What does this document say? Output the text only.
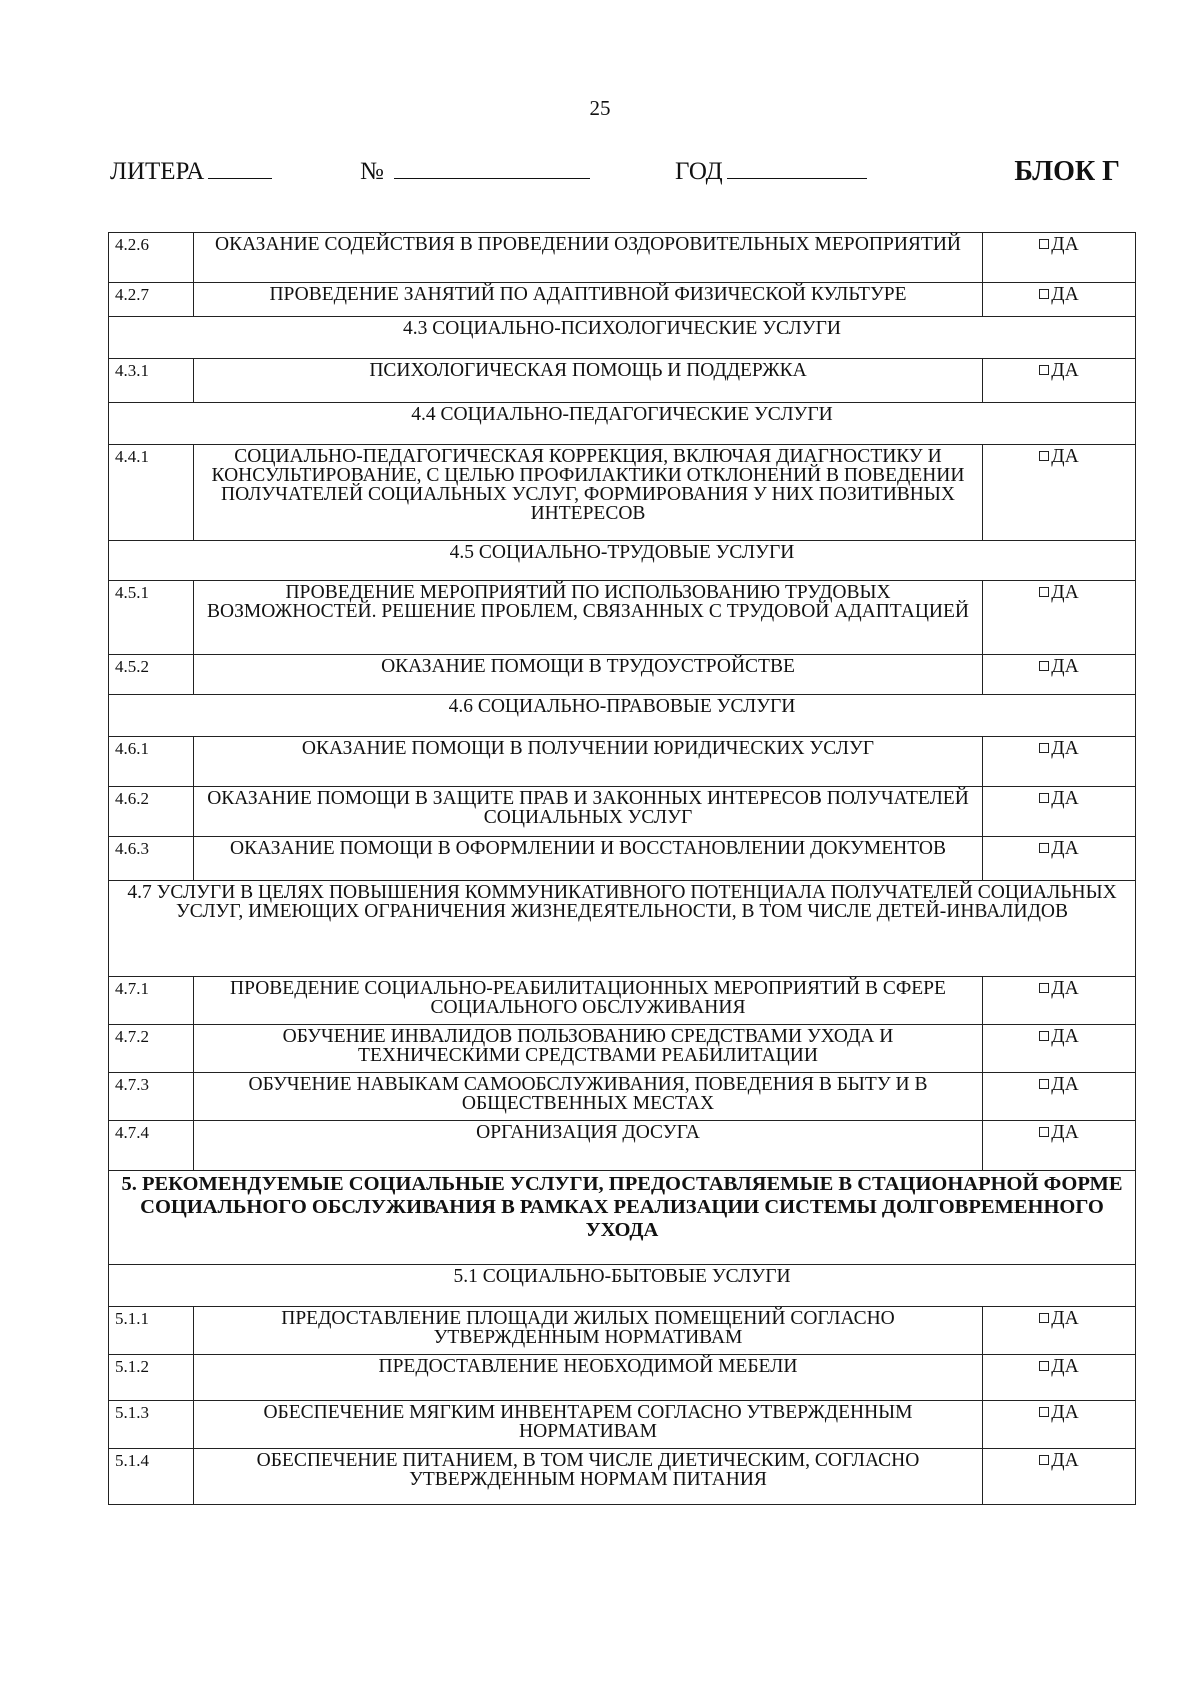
25
ЛИТЕРА	№	ГОД	БЛОК Г
4.2.6	ОКАЗАНИЕ СОДЕЙСТВИЯ В ПРОВЕДЕНИИ ОЗДОРОВИТЕЛЬНЫХ МЕРОПРИЯТИЙ	ДА
4.2.7	ПРОВЕДЕНИЕ ЗАНЯТИЙ ПО АДАПТИВНОЙ ФИЗИЧЕСКОЙ КУЛЬТУРЕ	ДА
4.3 СОЦИАЛЬНО-ПСИХОЛОГИЧЕСКИЕ УСЛУГИ		
4.3.1	ПСИХОЛОГИЧЕСКАЯ ПОМОЩЬ И ПОДДЕРЖКА	ДА
4.4 СОЦИАЛЬНО-ПЕДАГОГИЧЕСКИЕ УСЛУГИ		
4.4.1	СОЦИАЛЬНО-ПЕДАГОГИЧЕСКАЯ КОРРЕКЦИЯ, ВКЛЮЧАЯ ДИАГНОСТИКУ И КОНСУЛЬТИРОВАНИЕ, С ЦЕЛЬЮ ПРОФИЛАКТИКИ ОТКЛОНЕНИЙ В ПОВЕДЕНИИ ПОЛУЧАТЕЛЕЙ СОЦИАЛЬНЫХ УСЛУГ, ФОРМИРОВАНИЯ У НИХ ПОЗИТИВНЫХ ИНТЕРЕСОВ	ДА
4.5 СОЦИАЛЬНО-ТРУДОВЫЕ УСЛУГИ		
4.5.1	ПРОВЕДЕНИЕ МЕРОПРИЯТИЙ ПО ИСПОЛЬЗОВАНИЮ ТРУДОВЫХ ВОЗМОЖНОСТЕЙ. РЕШЕНИЕ ПРОБЛЕМ, СВЯЗАННЫХ С ТРУДОВОЙ АДАПТАЦИЕЙ	ДА
4.5.2	ОКАЗАНИЕ ПОМОЩИ В ТРУДОУСТРОЙСТВЕ	ДА
4.6 СОЦИАЛЬНО-ПРАВОВЫЕ УСЛУГИ		
4.6.1	ОКАЗАНИЕ ПОМОЩИ В ПОЛУЧЕНИИ ЮРИДИЧЕСКИХ УСЛУГ	ДА
4.6.2	ОКАЗАНИЕ ПОМОЩИ В ЗАЩИТЕ ПРАВ И ЗАКОННЫХ ИНТЕРЕСОВ ПОЛУЧАТЕЛЕЙ СОЦИАЛЬНЫХ УСЛУГ	ДА
4.6.3	ОКАЗАНИЕ ПОМОЩИ В ОФОРМЛЕНИИ И ВОССТАНОВЛЕНИИ ДОКУМЕНТОВ	ДА
4.7 УСЛУГИ В ЦЕЛЯХ ПОВЫШЕНИЯ КОММУНИКАТИВНОГО ПОТЕНЦИАЛА ПОЛУЧАТЕЛЕЙ СОЦИАЛЬНЫХ УСЛУГ, ИМЕЮЩИХ ОГРАНИЧЕНИЯ ЖИЗНЕДЕЯТЕЛЬНОСТИ, В ТОМ ЧИСЛЕ ДЕТЕЙ-ИНВАЛИДОВ		
4.7.1	ПРОВЕДЕНИЕ СОЦИАЛЬНО-РЕАБИЛИТАЦИОННЫХ МЕРОПРИЯТИЙ В СФЕРЕ СОЦИАЛЬНОГО ОБСЛУЖИВАНИЯ	ДА
4.7.2	ОБУЧЕНИЕ ИНВАЛИДОВ ПОЛЬЗОВАНИЮ СРЕДСТВАМИ УХОДА И ТЕХНИЧЕСКИМИ СРЕДСТВАМИ РЕАБИЛИТАЦИИ	ДА
4.7.3	ОБУЧЕНИЕ НАВЫКАМ САМООБСЛУЖИВАНИЯ, ПОВЕДЕНИЯ В БЫТУ И В ОБЩЕСТВЕННЫХ МЕСТАХ	ДА
4.7.4	ОРГАНИЗАЦИЯ ДОСУГА	ДА
5. РЕКОМЕНДУЕМЫЕ СОЦИАЛЬНЫЕ УСЛУГИ, ПРЕДОСТАВЛЯЕМЫЕ В СТАЦИОНАРНОЙ ФОРМЕ СОЦИАЛЬНОГО ОБСЛУЖИВАНИЯ В РАМКАХ РЕАЛИЗАЦИИ СИСТЕМЫ ДОЛГОВРЕМЕННОГО УХОДА		
5.1 СОЦИАЛЬНО-БЫТОВЫЕ УСЛУГИ		
5.1.1	ПРЕДОСТАВЛЕНИЕ ПЛОЩАДИ ЖИЛЫХ ПОМЕЩЕНИЙ СОГЛАСНО УТВЕРЖДЕННЫМ НОРМАТИВАМ	ДА
5.1.2	ПРЕДОСТАВЛЕНИЕ НЕОБХОДИМОЙ МЕБЕЛИ	ДА
5.1.3	ОБЕСПЕЧЕНИЕ МЯГКИМ ИНВЕНТАРЕМ СОГЛАСНО УТВЕРЖДЕННЫМ НОРМАТИВАМ	ДА
5.1.4	ОБЕСПЕЧЕНИЕ ПИТАНИЕМ, В ТОМ ЧИСЛЕ ДИЕТИЧЕСКИМ, СОГЛАСНО УТВЕРЖДЕННЫМ НОРМАМ ПИТАНИЯ	ДА
